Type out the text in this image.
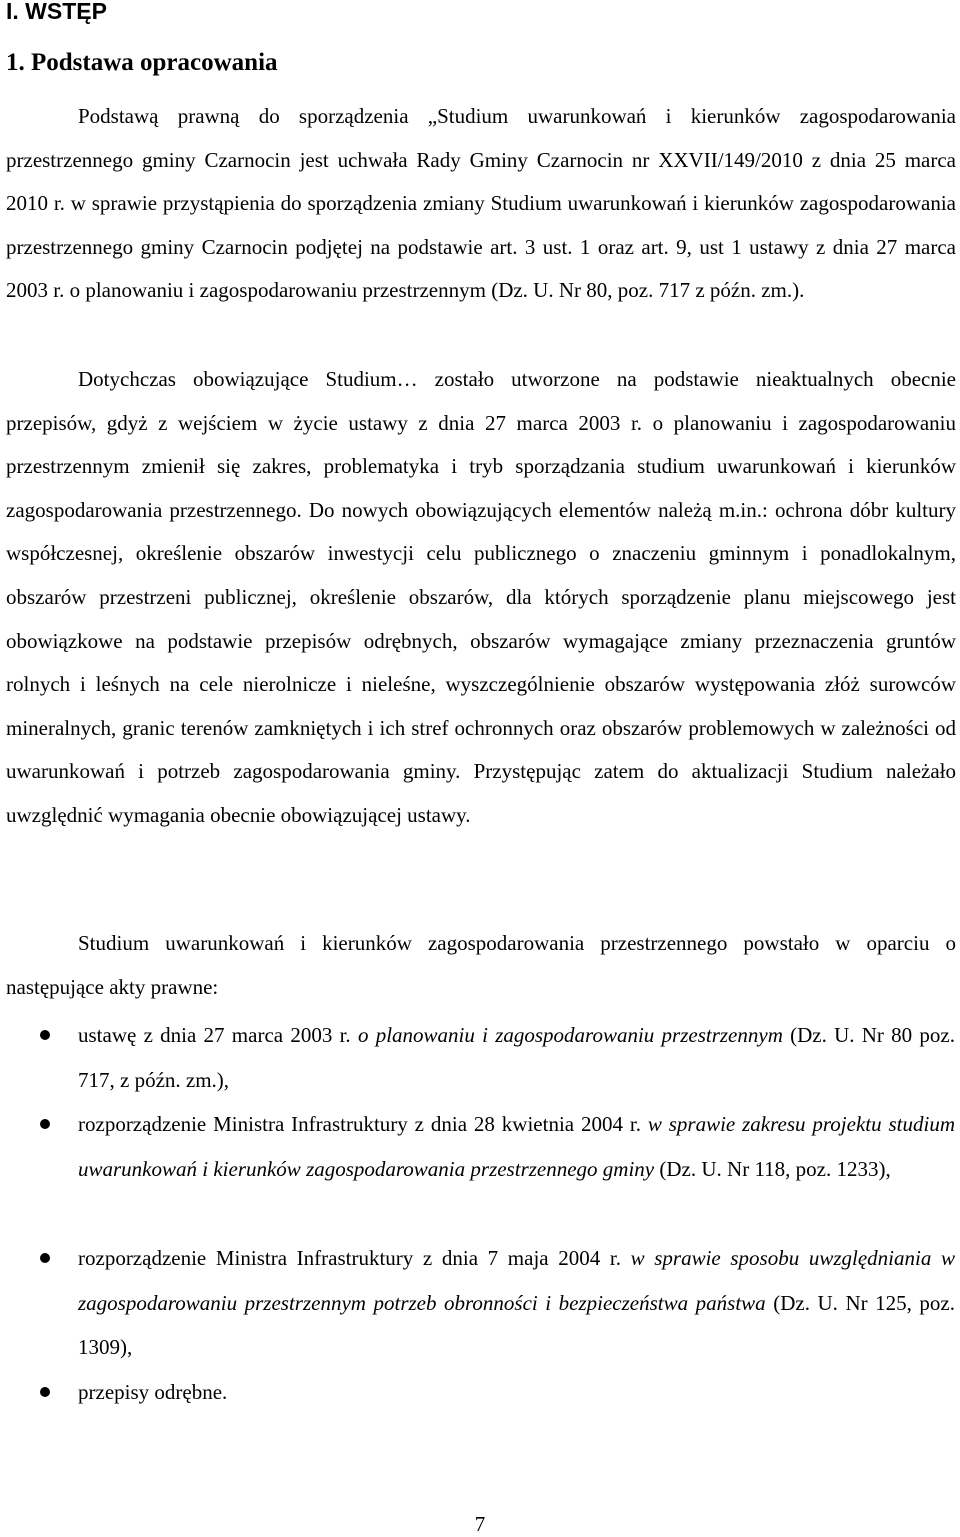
I. WSTĘP
1. Podstawa opracowania

Podstawą prawną do sporządzenia „Studium uwarunkowań i kierunków zagospodarowania przestrzennego gminy Czarnocin jest uchwała Rady Gminy Czarnocin nr XXVII/149/2010 z dnia 25 marca 2010 r. w sprawie przystąpienia do sporządzenia zmiany Studium uwarunkowań i kierunków zagospodarowania przestrzennego gminy Czarnocin podjętej na podstawie art. 3 ust. 1 oraz art. 9, ust 1 ustawy z dnia 27 marca 2003 r. o planowaniu i zagospodarowaniu przestrzennym (Dz. U. Nr 80, poz. 717 z późn. zm.).

Dotychczas obowiązujące Studium… zostało utworzone na podstawie nieaktualnych obecnie przepisów, gdyż z wejściem w życie ustawy z dnia 27 marca 2003 r. o planowaniu i zagospodarowaniu przestrzennym zmienił się zakres, problematyka i tryb sporządzania studium uwarunkowań i kierunków zagospodarowania przestrzennego. Do nowych obowiązujących elementów należą m.in.: ochrona dóbr kultury współczesnej, określenie obszarów inwestycji celu publicznego o znaczeniu gminnym i ponadlokalnym, obszarów przestrzeni publicznej, określenie obszarów, dla których sporządzenie planu miejscowego jest obowiązkowe na podstawie przepisów odrębnych, obszarów wymagające zmiany przeznaczenia gruntów rolnych i leśnych na cele nierolnicze i nieleśne, wyszczególnienie obszarów występowania złóż surowców mineralnych, granic terenów zamkniętych i ich stref ochronnych oraz obszarów problemowych w zależności od uwarunkowań i potrzeb zagospodarowania gminy. Przystępując zatem do aktualizacji Studium należało uwzględnić wymagania obecnie obowiązującej ustawy.

Studium uwarunkowań i kierunków zagospodarowania przestrzennego powstało w oparciu o następujące akty prawne:

ustawę z dnia 27 marca 2003 r. o planowaniu i zagospodarowaniu przestrzennym (Dz. U. Nr 80 poz. 717, z późn. zm.),
rozporządzenie Ministra Infrastruktury z dnia 28 kwietnia 2004 r. w sprawie zakresu projektu studium uwarunkowań i kierunków zagospodarowania przestrzennego gminy (Dz. U. Nr 118, poz. 1233),
rozporządzenie Ministra Infrastruktury z dnia 7 maja 2004 r. w sprawie sposobu uwzględniania w zagospodarowaniu przestrzennym potrzeb obronności i bezpieczeństwa państwa (Dz. U. Nr 125, poz. 1309),
przepisy odrębne.

7
